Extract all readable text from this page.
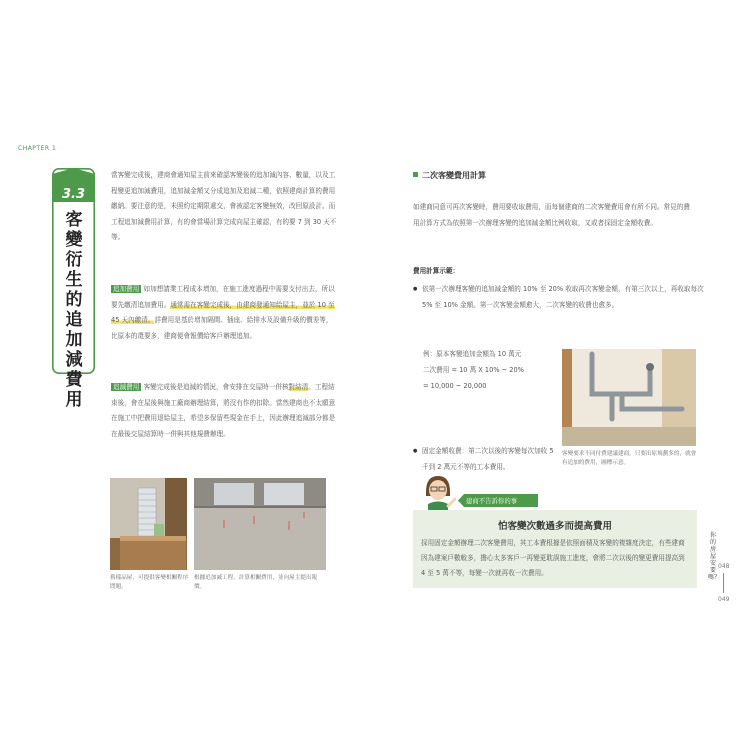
CHAPTER 1
3.3
客變衍生的追加減費用
當客變完成後，建商會通知屋主前來確認客變後的追加減內容、數量，以及工程變更追加減費用，追加減金額又分成追加及追減二種，依照建商計算的費用繳納。要注意的是，未照約定期限遞交，會被認定客變無效，改回原設計。而工程追加減費用計算，有的會當場計算完成向屋主確認，有的要 7 到 30 天不等。
追加費用 如加想請業工程成本增加，在施工進度過程中需要支付出去，所以要先繳清追加費用。通常需在客變完成後，由建商發通知給屋主，並於 10 至 45 天內繳清。詳費用是基於增加隔間、插座、給排水及設備升級的價差等，比原本的還要多，建商便會報價給客戶辦理追加。
追減費用 客變完成後是追減的情況，會安排在交屋時一併核對結清。工程結束後，會在屋後與施工廠商辦理結算，將沒有作的扣除。當然建商也不太願意在施工中把費用退給屋主，希望多保留些現金在手上，因此辦理追減部分都是在最後交屋結算時一併與其他規費辦理。
舊樣品屋，可提供客變相關程序問題。
根據追加減工程，計算相關費用，並向屋主提出報價。
二次客變費用計算
如建商同意可再次客變時，費用要收取費用，而每個建商的二次客變費用會有所不同。常見的費用計算方式為依照第一次辦理客變的追加減金額比例收取，又或者採固定金額收費。
費用計算示範：
● 依第一次辦理客變的追加減金額的 10% 至 20% 收取再次客變金額，有第三次以上，再收取每次 5% 至 10% 金額。第一次客變金額愈大，二次客變的收費也愈多。
例：原本客變追加金額為 10 萬元
二次費用 = 10 萬 X 10% ~ 20%
= 10,000 ~ 20,000
● 固定金額收費：第二次以後的客變每次加收 5 千到 2 萬元不等的工本費用。
客變要求不同付費建議建商，只要出原規劃多的，就會有追加的費用，圖標示意。
建商不告訴你的事
怕客變次數過多而提高費用
採用固定金額辦理二次客變費用，其工本費根據是依照面積及客變的複雜度決定，有些建商因為建案戶數較多，擔心太多客戶一再變更耽誤施工進度，會將二次以後的變更費用提高到 4 至 5 萬不等，每變一次就再收一次費用。
你的房屋安要嗎？
048
049
